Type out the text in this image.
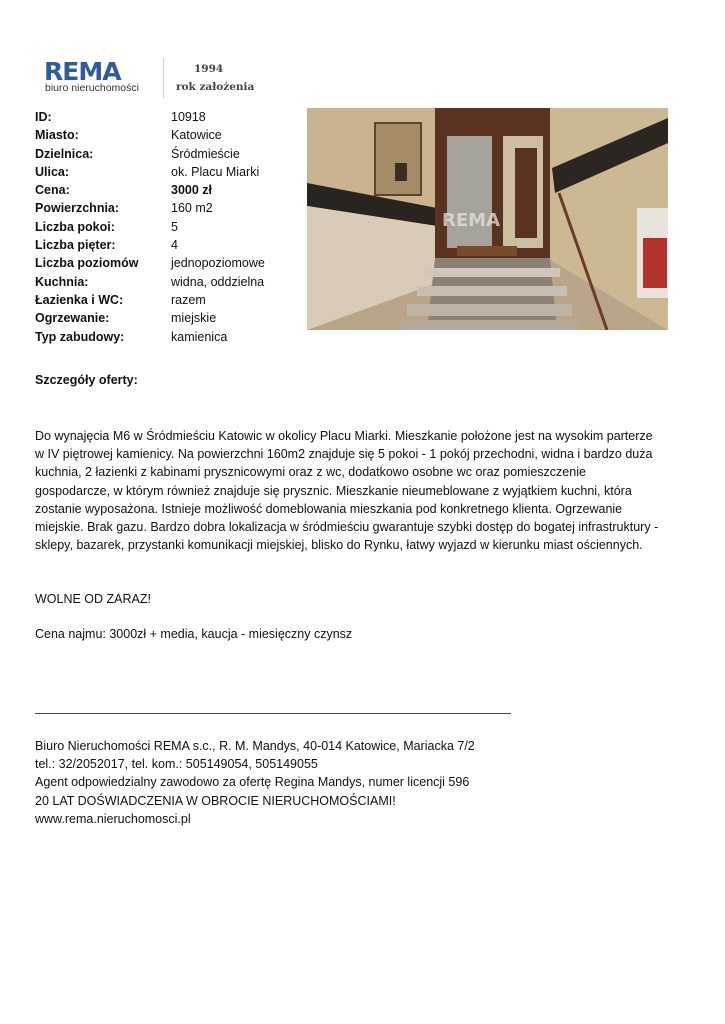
REMA
biuro nieruchomości
1994
rok założenia
ID:	10918
Miasto:	Katowice
Dzielnica:	Śródmieście
Ulica:	ok. Placu Miarki
Cena:	3000 zł
Powierzchnia:	160 m2
Liczba pokoi:	5
Liczba pięter:	4
Liczba poziomów	jednopoziomowe
Kuchnia:	widna, oddzielna
Łazienka i WC:	razem
Ogrzewanie:	miejskie
Typ zabudowy:	kamienica
REMA
Szczegóły oferty:

Do wynajęcia M6 w Śródmieściu Katowic w okolicy Placu Miarki. Mieszkanie położone jest na wysokim parterze w IV piętrowej kamienicy. Na powierzchni 160m2 znajduje się 5 pokoi - 1 pokój przechodni, widna i bardzo duża kuchnia, 2 łazienki z kabinami prysznicowymi oraz z wc, dodatkowo osobne wc oraz pomieszczenie gospodarcze, w którym również znajduje się prysznic. Mieszkanie nieumeblowane z wyjątkiem kuchni, która zostanie wyposażona. Istnieje możliwość domeblowania mieszkania pod konkretnego klienta. Ogrzewanie miejskie. Brak gazu. Bardzo dobra lokalizacja w śródmieściu gwarantuje szybki dostęp do bogatej infrastruktury - sklepy, bazarek, przystanki komunikacji miejskiej, blisko do Rynku, łatwy wyjazd w kierunku miast ościennych.

WOLNE OD ZARAZ!
Cena najmu: 3000zł + media, kaucja - miesięczny czynsz
Biuro Nieruchomości REMA s.c., R. M. Mandys, 40-014 Katowice, Mariacka 7/2
tel.: 32/2052017, tel. kom.: 505149054, 505149055
Agent odpowiedzialny zawodowo za ofertę Regina Mandys, numer licencji 596
20 LAT DOŚWIADCZENIA W OBROCIE NIERUCHOMOŚCIAMI!
www.rema.nieruchomosci.pl
